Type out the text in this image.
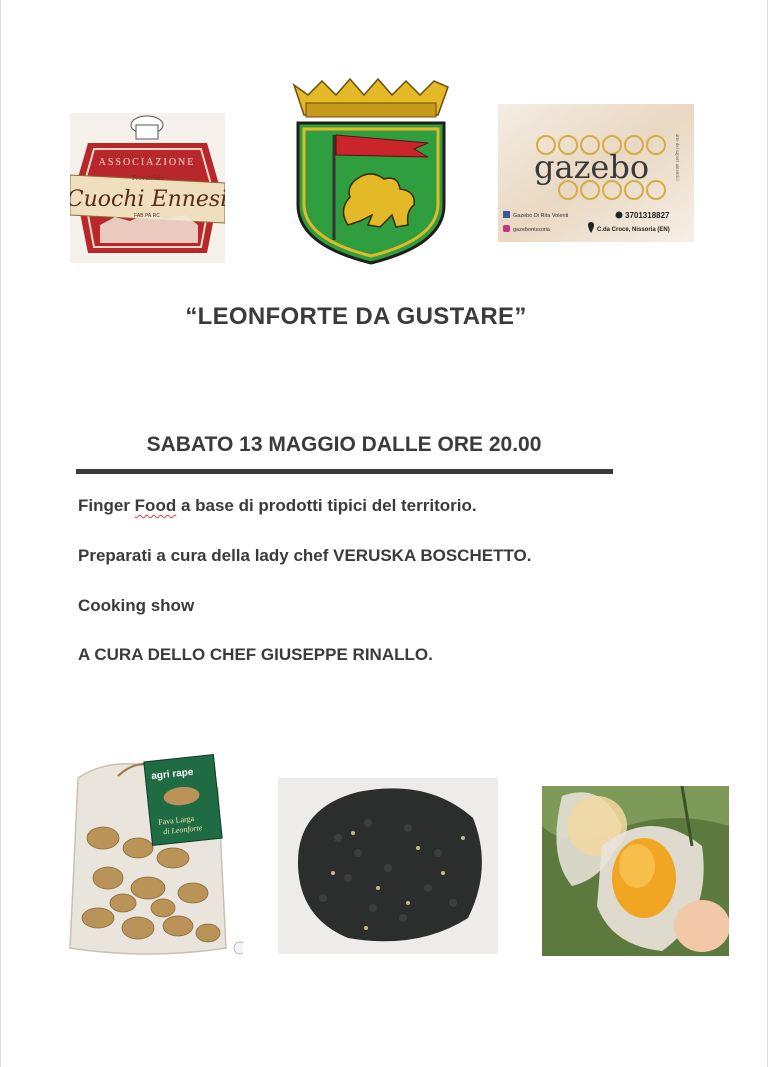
ASSOCIAZIONE
Provinciale
Cuochi Ennesi
FAB.PA.RC
gazebo	arte dei sapori autentici
Gazebo Di Rita Volenti	3701318827
gazebonissoria	C.da Croce, Nissoria (EN)
“LEONFORTE DA GUSTARE”
SABATO 13 MAGGIO DALLE ORE 20.00
Finger Food a base di prodotti tipici del territorio.
Preparati a cura della lady chef VERUSKA BOSCHETTO.
Cooking show
A CURA DELLO CHEF GIUSEPPE RINALLO.
agri rape
Fava Larga
di Leonforte
